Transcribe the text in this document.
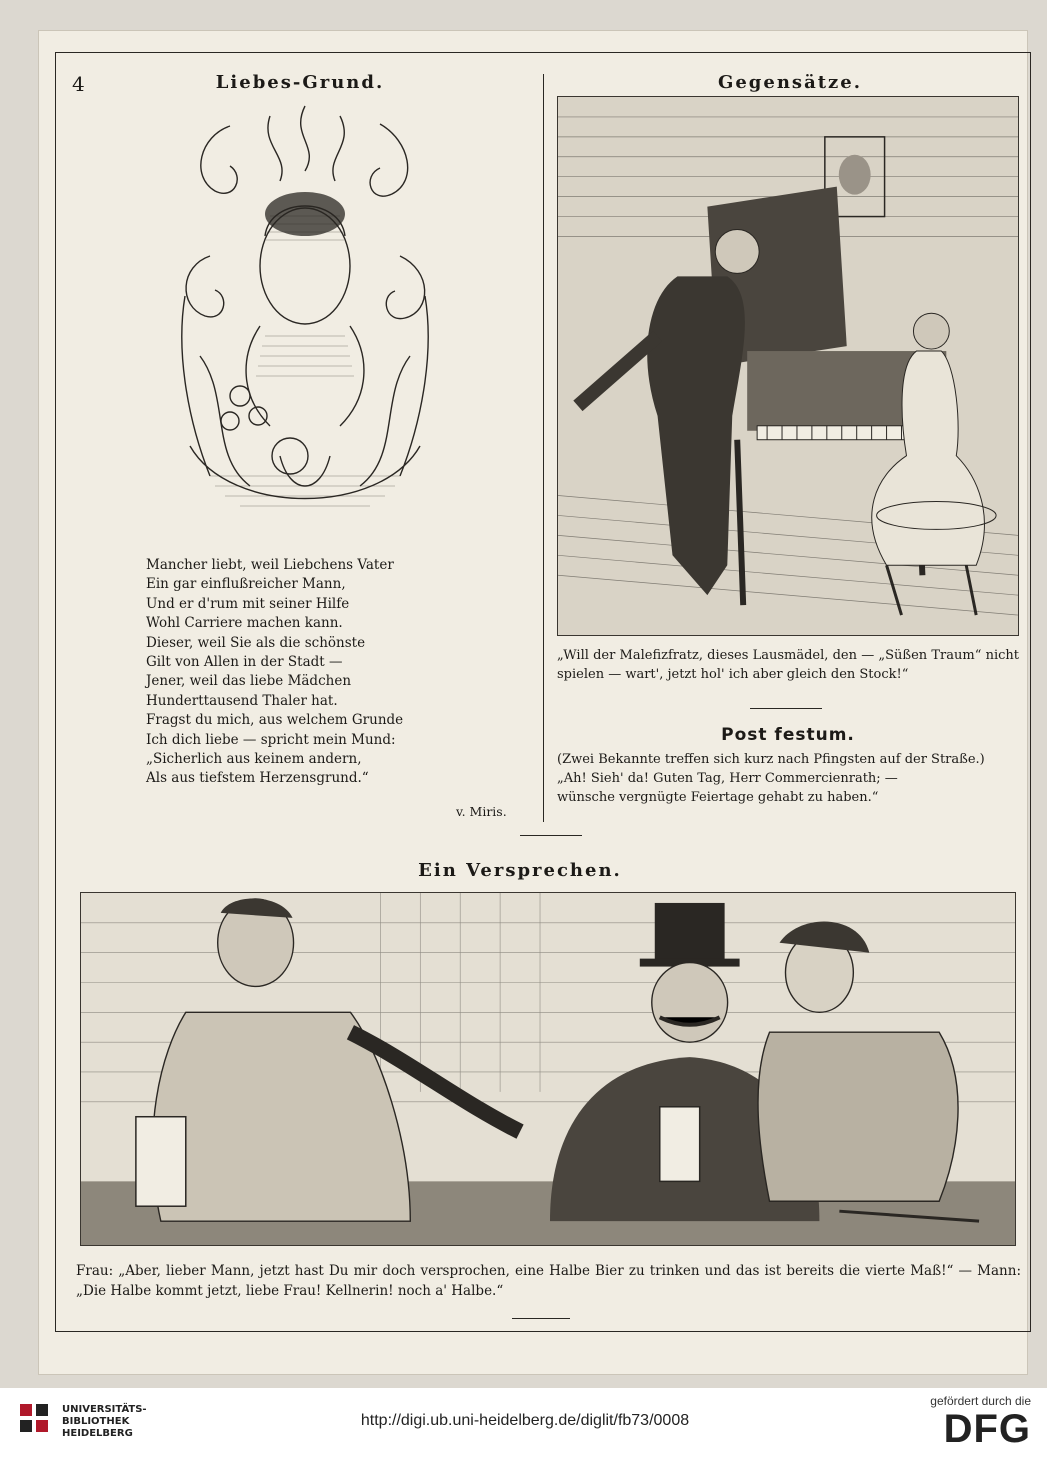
4	Liebes-Grund.
Mancher liebt, weil Liebchens Vater
Ein gar einflußreicher Mann,
Und er d'rum mit seiner Hilfe
Wohl Carriere machen kann.
Dieser, weil Sie als die schönste
Gilt von Allen in der Stadt —
Jener, weil das liebe Mädchen
Hunderttausend Thaler hat.
Fragst du mich, aus welchem Grunde
Ich dich liebe — spricht mein Mund:
„Sicherlich aus keinem andern,
Als aus tiefstem Herzensgrund.“
v. Miris.
Gegensätze.
„Will der Malefizfratz, dieses Lausmädel, den — „Süßen Traum“ nicht spielen — wart', jetzt hol' ich aber gleich den Stock!“
Post festum.
(Zwei Bekannte treffen sich kurz nach Pfingsten auf der Straße.)
„Ah! Sieh' da! Guten Tag, Herr Commercienrath; —
wünsche vergnügte Feiertage gehabt zu haben.“
Ein Versprechen.
Frau: „Aber, lieber Mann, jetzt hast Du mir doch versprochen, eine Halbe Bier zu trinken und das ist bereits die vierte Maß!“ — Mann: „Die Halbe kommt jetzt, liebe Frau! Kellnerin! noch a' Halbe.“
UNIVERSITÄTS-
BIBLIOTHEK
HEIDELBERG
http://digi.ub.uni-heidelberg.de/diglit/fb73/0008
gefördert durch die
DFG
